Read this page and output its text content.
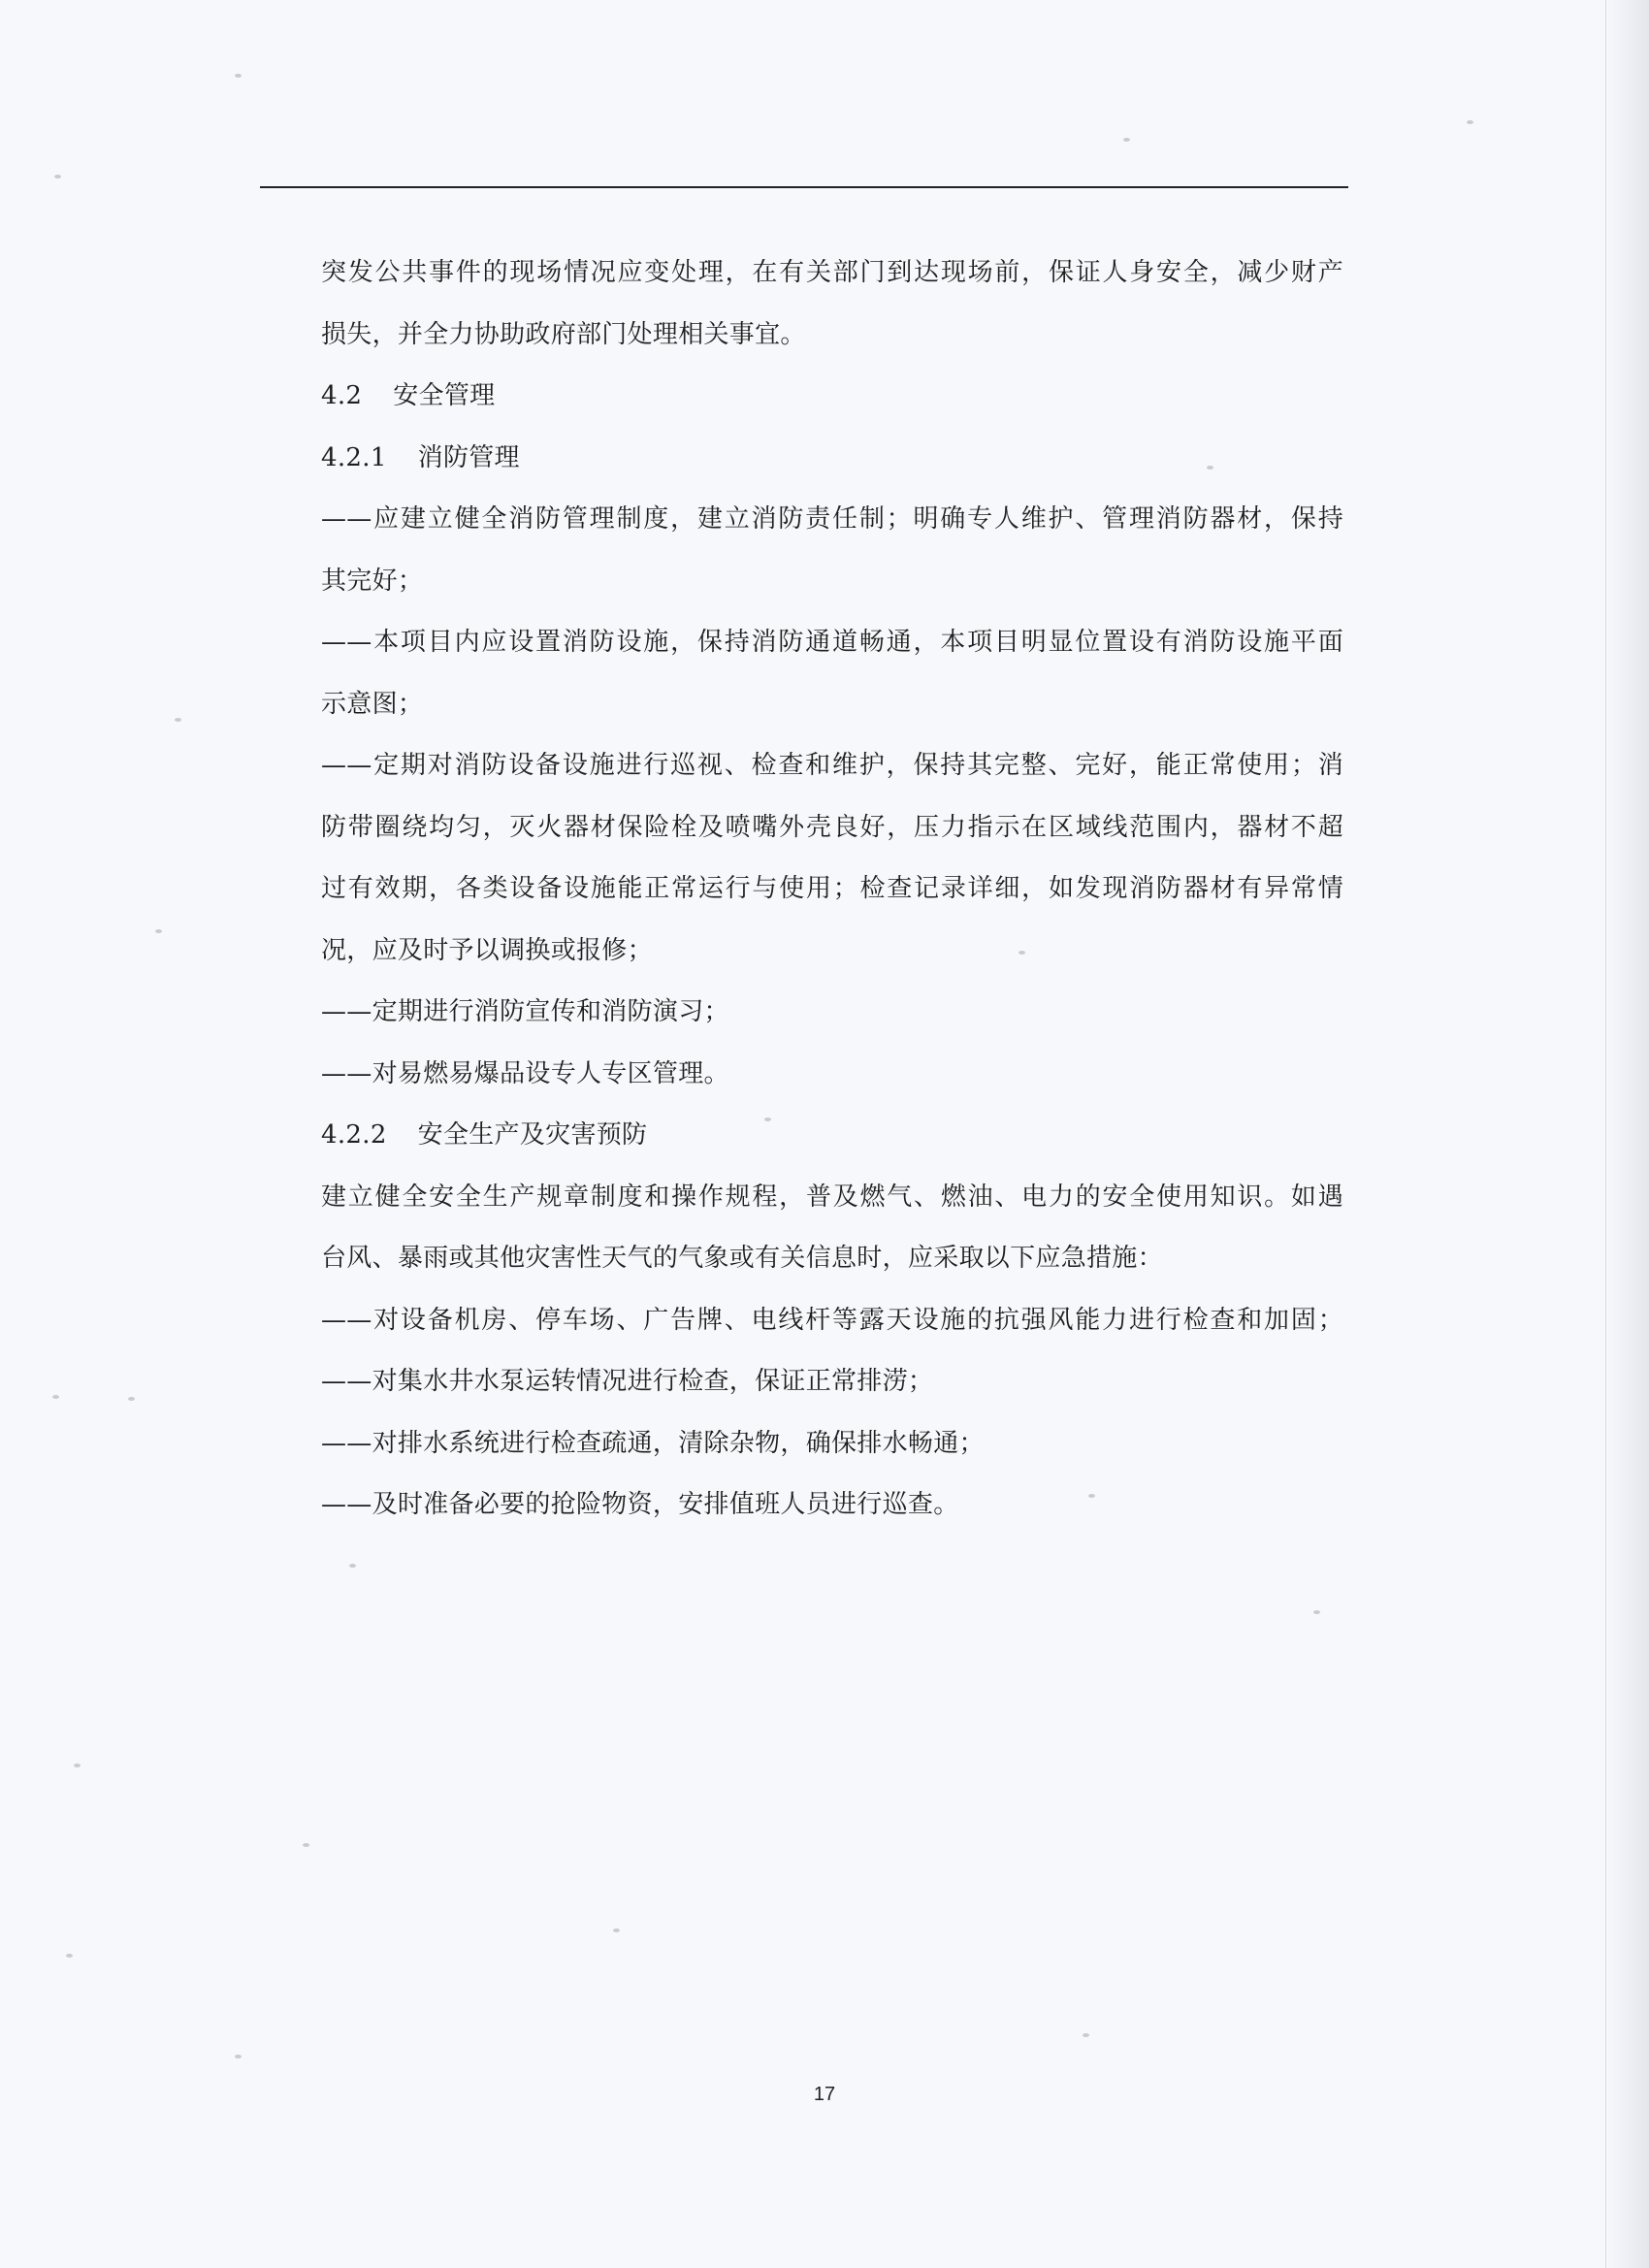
突发公共事件的现场情况应变处理，在有关部门到达现场前，保证人身安全，减少财产
损失，并全力协助政府部门处理相关事宜。
4.2 安全管理
4.2.1 消防管理
——应建立健全消防管理制度，建立消防责任制；明确专人维护、管理消防器材，保持
其完好；
——本项目内应设置消防设施，保持消防通道畅通，本项目明显位置设有消防设施平面
示意图；
——定期对消防设备设施进行巡视、检查和维护，保持其完整、完好，能正常使用；消
防带圈绕均匀，灭火器材保险栓及喷嘴外壳良好，压力指示在区域线范围内，器材不超
过有效期，各类设备设施能正常运行与使用；检查记录详细，如发现消防器材有异常情
况，应及时予以调换或报修；
——定期进行消防宣传和消防演习；
——对易燃易爆品设专人专区管理。
4.2.2 安全生产及灾害预防
建立健全安全生产规章制度和操作规程，普及燃气、燃油、电力的安全使用知识。如遇
台风、暴雨或其他灾害性天气的气象或有关信息时，应采取以下应急措施：
——对设备机房、停车场、广告牌、电线杆等露天设施的抗强风能力进行检查和加固；
——对集水井水泵运转情况进行检查，保证正常排涝；
——对排水系统进行检查疏通，清除杂物，确保排水畅通；
——及时准备必要的抢险物资，安排值班人员进行巡查。
17
